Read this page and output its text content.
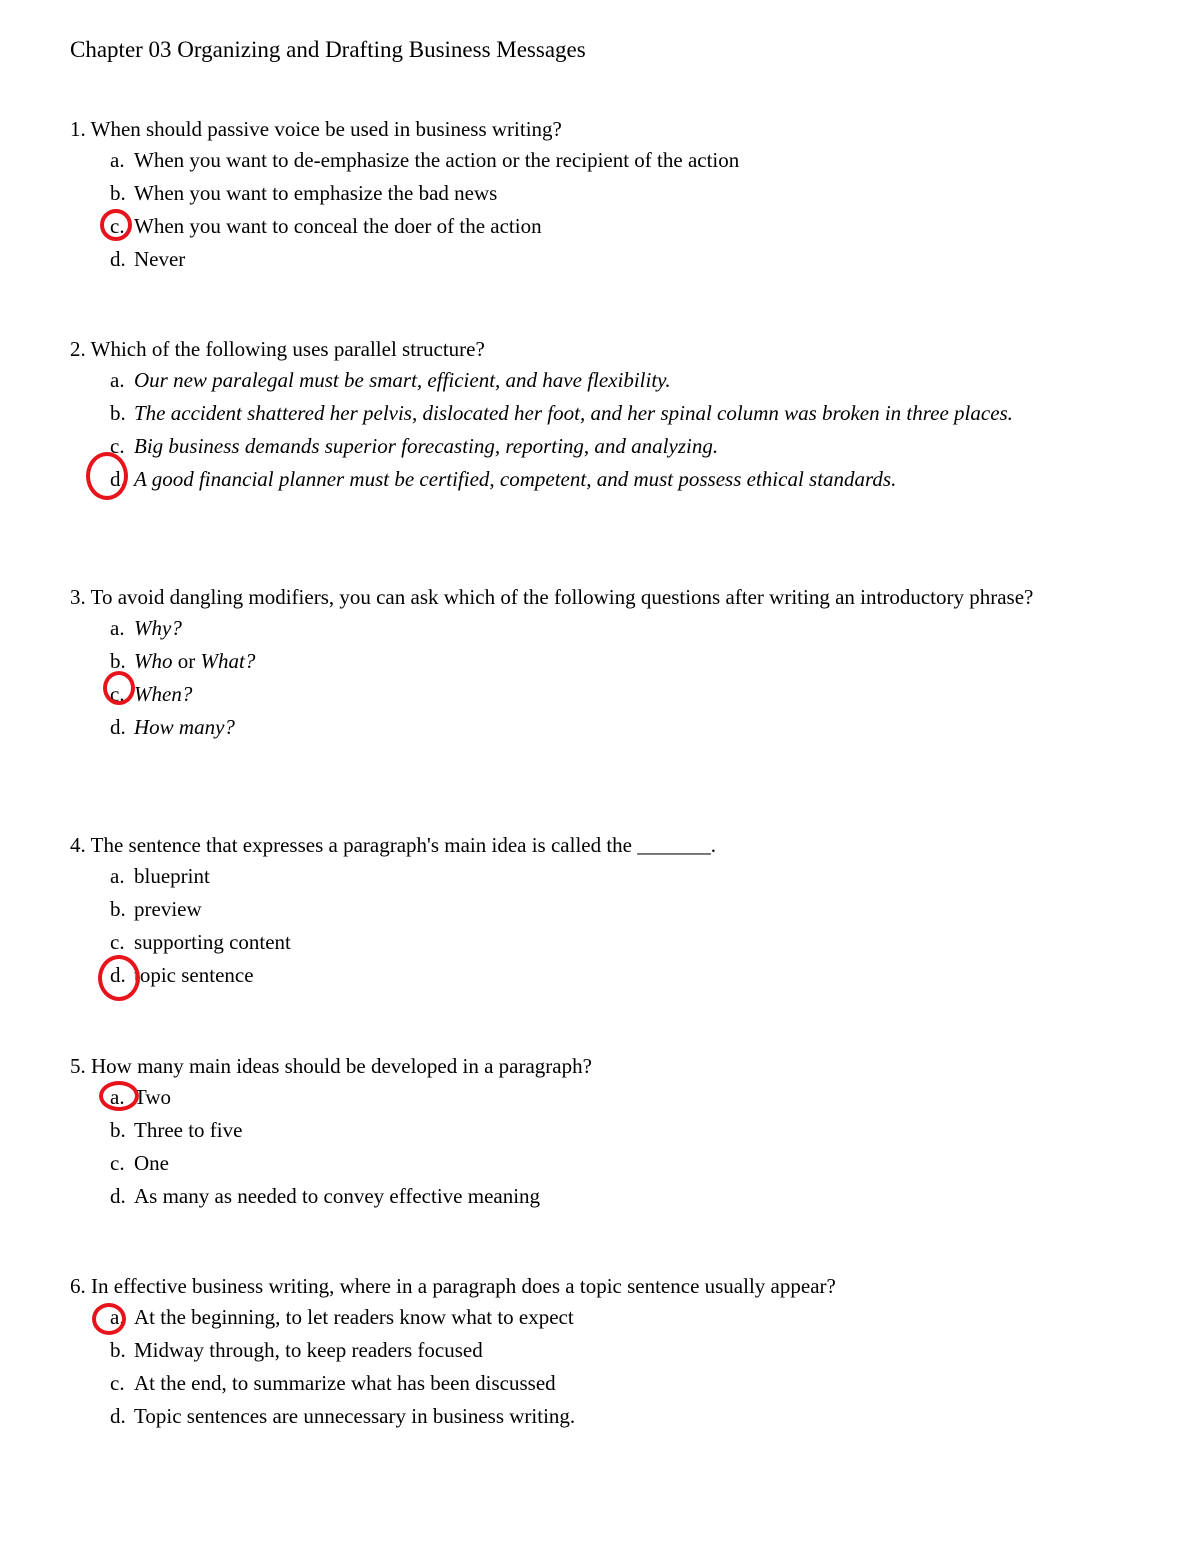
Chapter 03 Organizing and Drafting Business Messages

1. When should passive voice be used in business writing?

a. When you want to de-emphasize the action or the recipient of the action
b. When you want to emphasize the bad news
c. When you want to conceal the doer of the action
d. Never

2. Which of the following uses parallel structure?

a. Our new paralegal must be smart, efficient, and have flexibility.
b. The accident shattered her pelvis, dislocated her foot, and her spinal column was broken in three places.
c. Big business demands superior forecasting, reporting, and analyzing.
d. A good financial planner must be certified, competent, and must possess ethical standards.

3. To avoid dangling modifiers, you can ask which of the following questions after writing an introductory phrase?

a. Why?
b. Who or What?
c. When?
d. How many?

4. The sentence that expresses a paragraph's main idea is called the _______.

a. blueprint
b. preview
c. supporting content
d. topic sentence

5. How many main ideas should be developed in a paragraph?

a. Two
b. Three to five
c. One
d. As many as needed to convey effective meaning

6. In effective business writing, where in a paragraph does a topic sentence usually appear?

a. At the beginning, to let readers know what to expect
b. Midway through, to keep readers focused
c. At the end, to summarize what has been discussed
d. Topic sentences are unnecessary in business writing.
